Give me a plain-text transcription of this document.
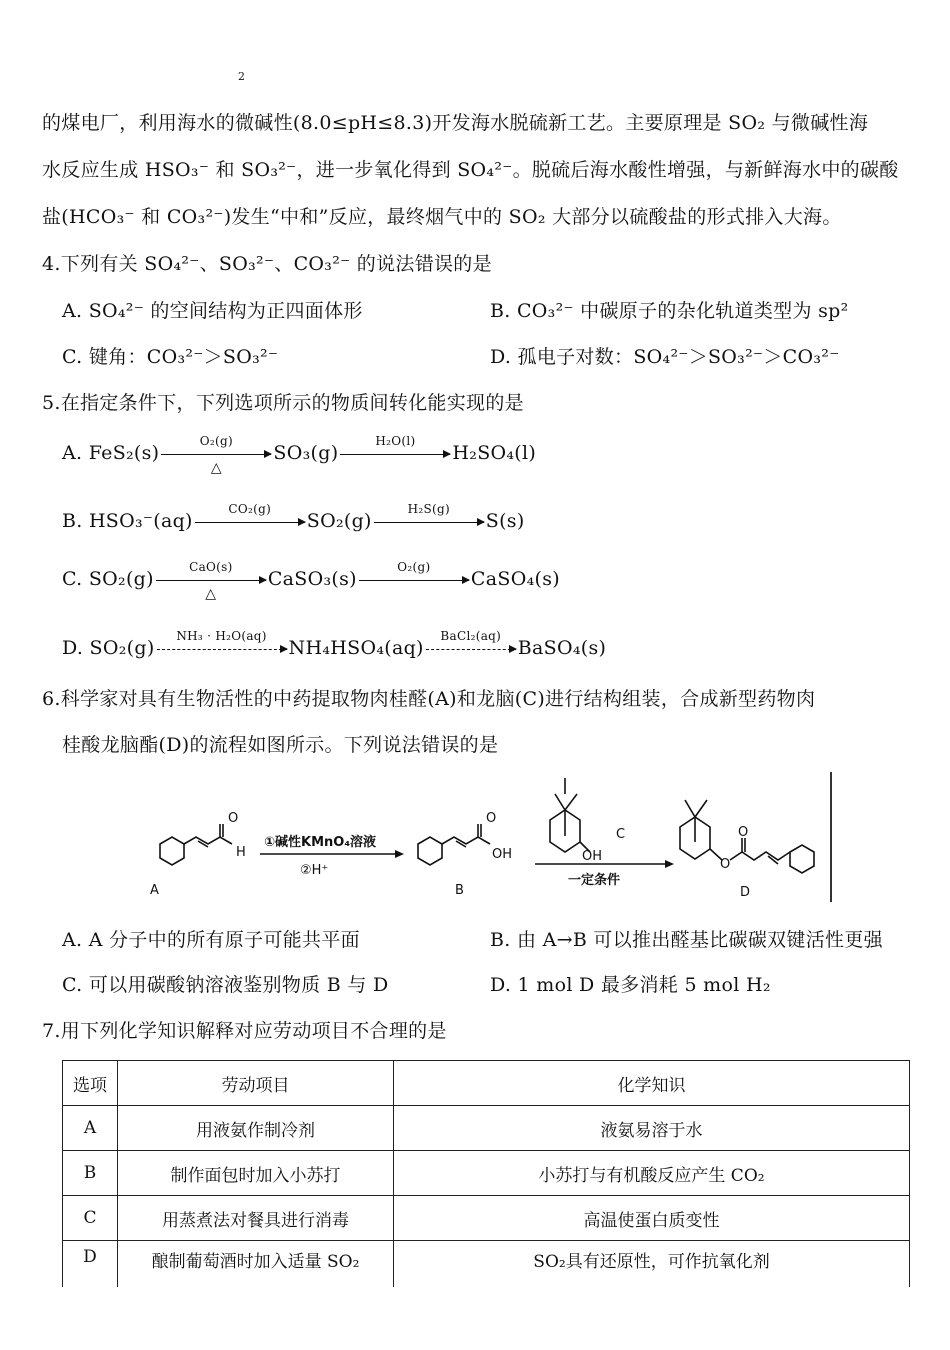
2
的煤电厂，利用海水的微碱性(8.0≤pH≤8.3)开发海水脱硫新工艺。主要原理是 SO₂ 与微碱性海
水反应生成 HSO₃⁻ 和 SO₃²⁻，进一步氧化得到 SO₄²⁻。脱硫后海水酸性增强，与新鲜海水中的碳酸
盐(HCO₃⁻ 和 CO₃²⁻)发生“中和”反应，最终烟气中的 SO₂ 大部分以硫酸盐的形式排入大海。
4.下列有关 SO₄²⁻、SO₃²⁻、CO₃²⁻ 的说法错误的是
A. SO₄²⁻ 的空间结构为正四面体形	B. CO₃²⁻ 中碳原子的杂化轨道类型为 sp²
C. 键角：CO₃²⁻＞SO₃²⁻	D. 孤电子对数：SO₄²⁻＞SO₃²⁻＞CO₃²⁻
5.在指定条件下，下列选项所示的物质间转化能实现的是
A. FeS₂(s)
O₂(g)
△
SO₃(g)
H₂O(l)
H₂SO₄(l)
B. HSO₃⁻(aq)
CO₂(g)
SO₂(g)
H₂S(g)
S(s)
C. SO₂(g)
CaO(s)
△
CaSO₃(s)
O₂(g)
CaSO₄(s)
D. SO₂(g)
NH₃ · H₂O(aq)
NH₄HSO₄(aq)
BaCl₂(aq)
BaSO₄(s)
6.科学家对具有生物活性的中药提取物肉桂醛(A)和龙脑(C)进行结构组装，合成新型药物肉
桂酸龙脑酯(D)的流程如图所示。下列说法错误的是
O
H
A
O
OH
B
OH
C
O
O
D
①碱性KMnO₄溶液
②H⁺
一定条件
A. A 分子中的所有原子可能共平面	B. 由 A→B 可以推出醛基比碳碳双键活性更强
C. 可以用碳酸钠溶液鉴别物质 B 与 D	D. 1 mol D 最多消耗 5 mol H₂
7.用下列化学知识解释对应劳动项目不合理的是
选项	劳动项目	化学知识
A	用液氨作制冷剂	液氨易溶于水
B	制作面包时加入小苏打	小苏打与有机酸反应产生 CO₂
C	用蒸煮法对餐具进行消毒	高温使蛋白质变性
D	酿制葡萄酒时加入适量 SO₂	SO₂具有还原性，可作抗氧化剂
